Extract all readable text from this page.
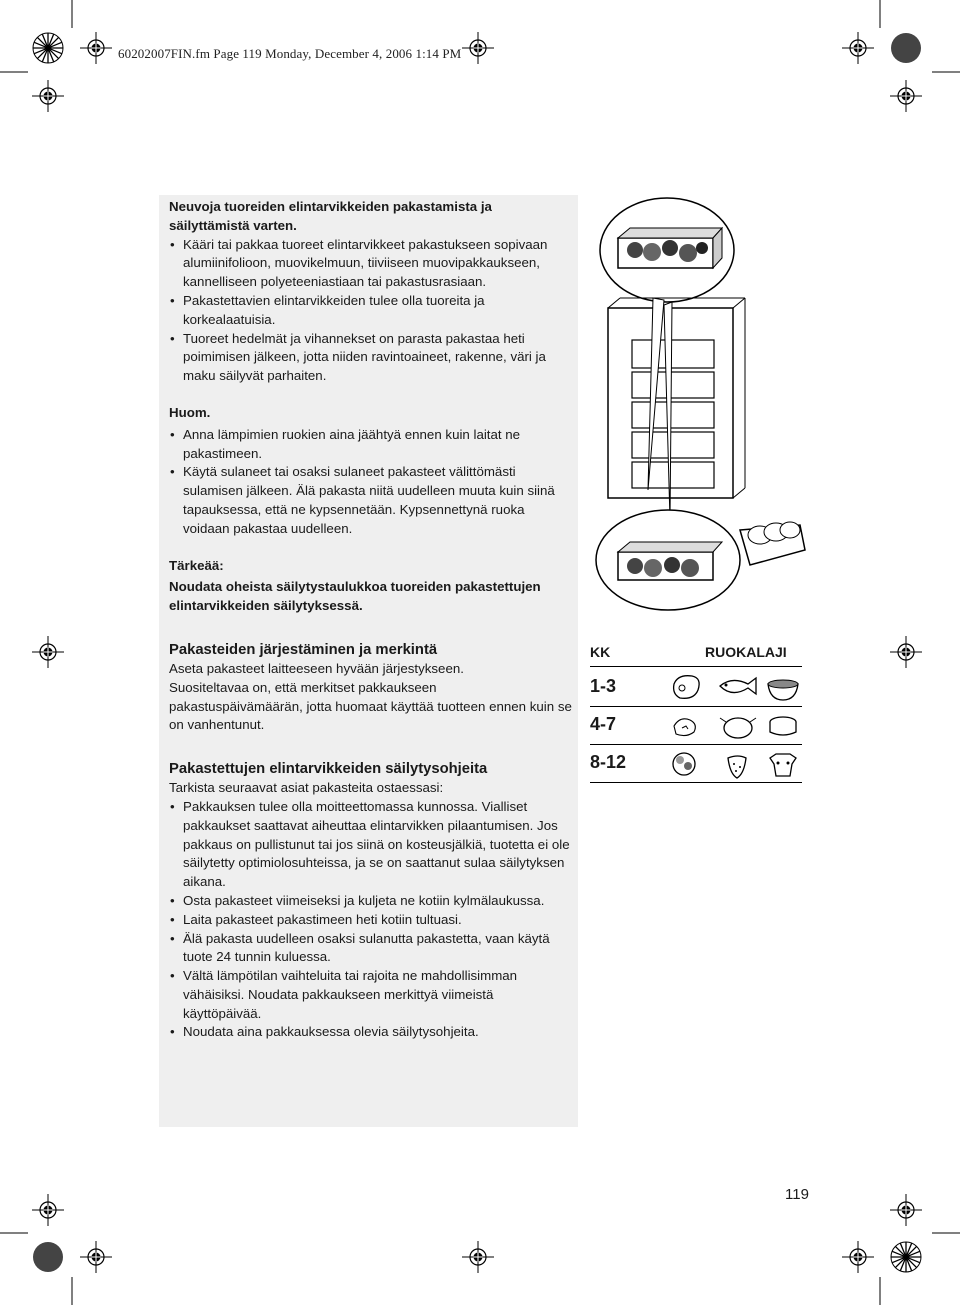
60202007FIN.fm Page 119 Monday, December 4, 2006 1:14 PM

Neuvoja tuoreiden elintarvikkeiden pakastamista ja säilyttämistä varten.

• Kääri tai pakkaa tuoreet elintarvikkeet pakastukseen sopivaan alumiinifolioon, muovikelmuun, tiiviiseen muovipakkaukseen, kannelliseen polyeteeniastiaan tai pakastusrasiaan.
• Pakastettavien elintarvikkeiden tulee olla tuoreita ja korkealaatuisia.
• Tuoreet hedelmät ja vihannekset on parasta pakastaa heti poimimisen jälkeen, jotta niiden ravintoaineet, rakenne, väri ja maku säilyvät parhaiten.

Huom.

• Anna lämpimien ruokien aina jäähtyä ennen kuin laitat ne pakastimeen.
• Käytä sulaneet tai osaksi sulaneet pakasteet välittömästi sulamisen jälkeen. Älä pakasta niitä uudelleen muuta kuin siinä tapauksessa, että ne kypsennetään. Kypsennettynä ruoka voidaan pakastaa uudelleen.

Tärkeää:

Noudata oheista säilytystaulukkoa tuoreiden pakastettujen elintarvikkeiden säilytyksessä.

Pakasteiden järjestäminen ja merkintä

Aseta pakasteet laitteeseen hyvään järjestykseen.

Suositeltavaa on, että merkitset pakkaukseen pakastuspäivämäärän, jotta huomaat käyttää tuotteen ennen kuin se on vanhentunut.

Pakastettujen elintarvikkeiden säilytysohjeita

Tarkista seuraavat asiat pakasteita ostaessasi:

• Pakkauksen tulee olla moitteettomassa kunnossa. Vialliset pakkaukset saattavat aiheuttaa elintarvikken pilaantumisen. Jos pakkaus on pullistunut tai jos siinä on kosteusjälkiä, tuotetta ei ole säilytetty optimiolosuhteissa, ja se on saattanut sulaa säilytyksen aikana.
• Osta pakasteet viimeiseksi ja kuljeta ne kotiin kylmälaukussa.
• Laita pakasteet pakastimeen heti kotiin tultuasi.
• Älä pakasta uudelleen osaksi sulanutta pakastetta, vaan käytä tuote 24 tunnin kuluessa.
• Vältä lämpötilan vaihteluita tai rajoita ne mahdollisimman vähäisiksi. Noudata pakkaukseen merkittyä viimeistä käyttöpäivää.
• Noudata aina pakkauksessa olevia säilytysohjeita.
KK	RUOKALAJI
1-3
4-7
8-12
119
